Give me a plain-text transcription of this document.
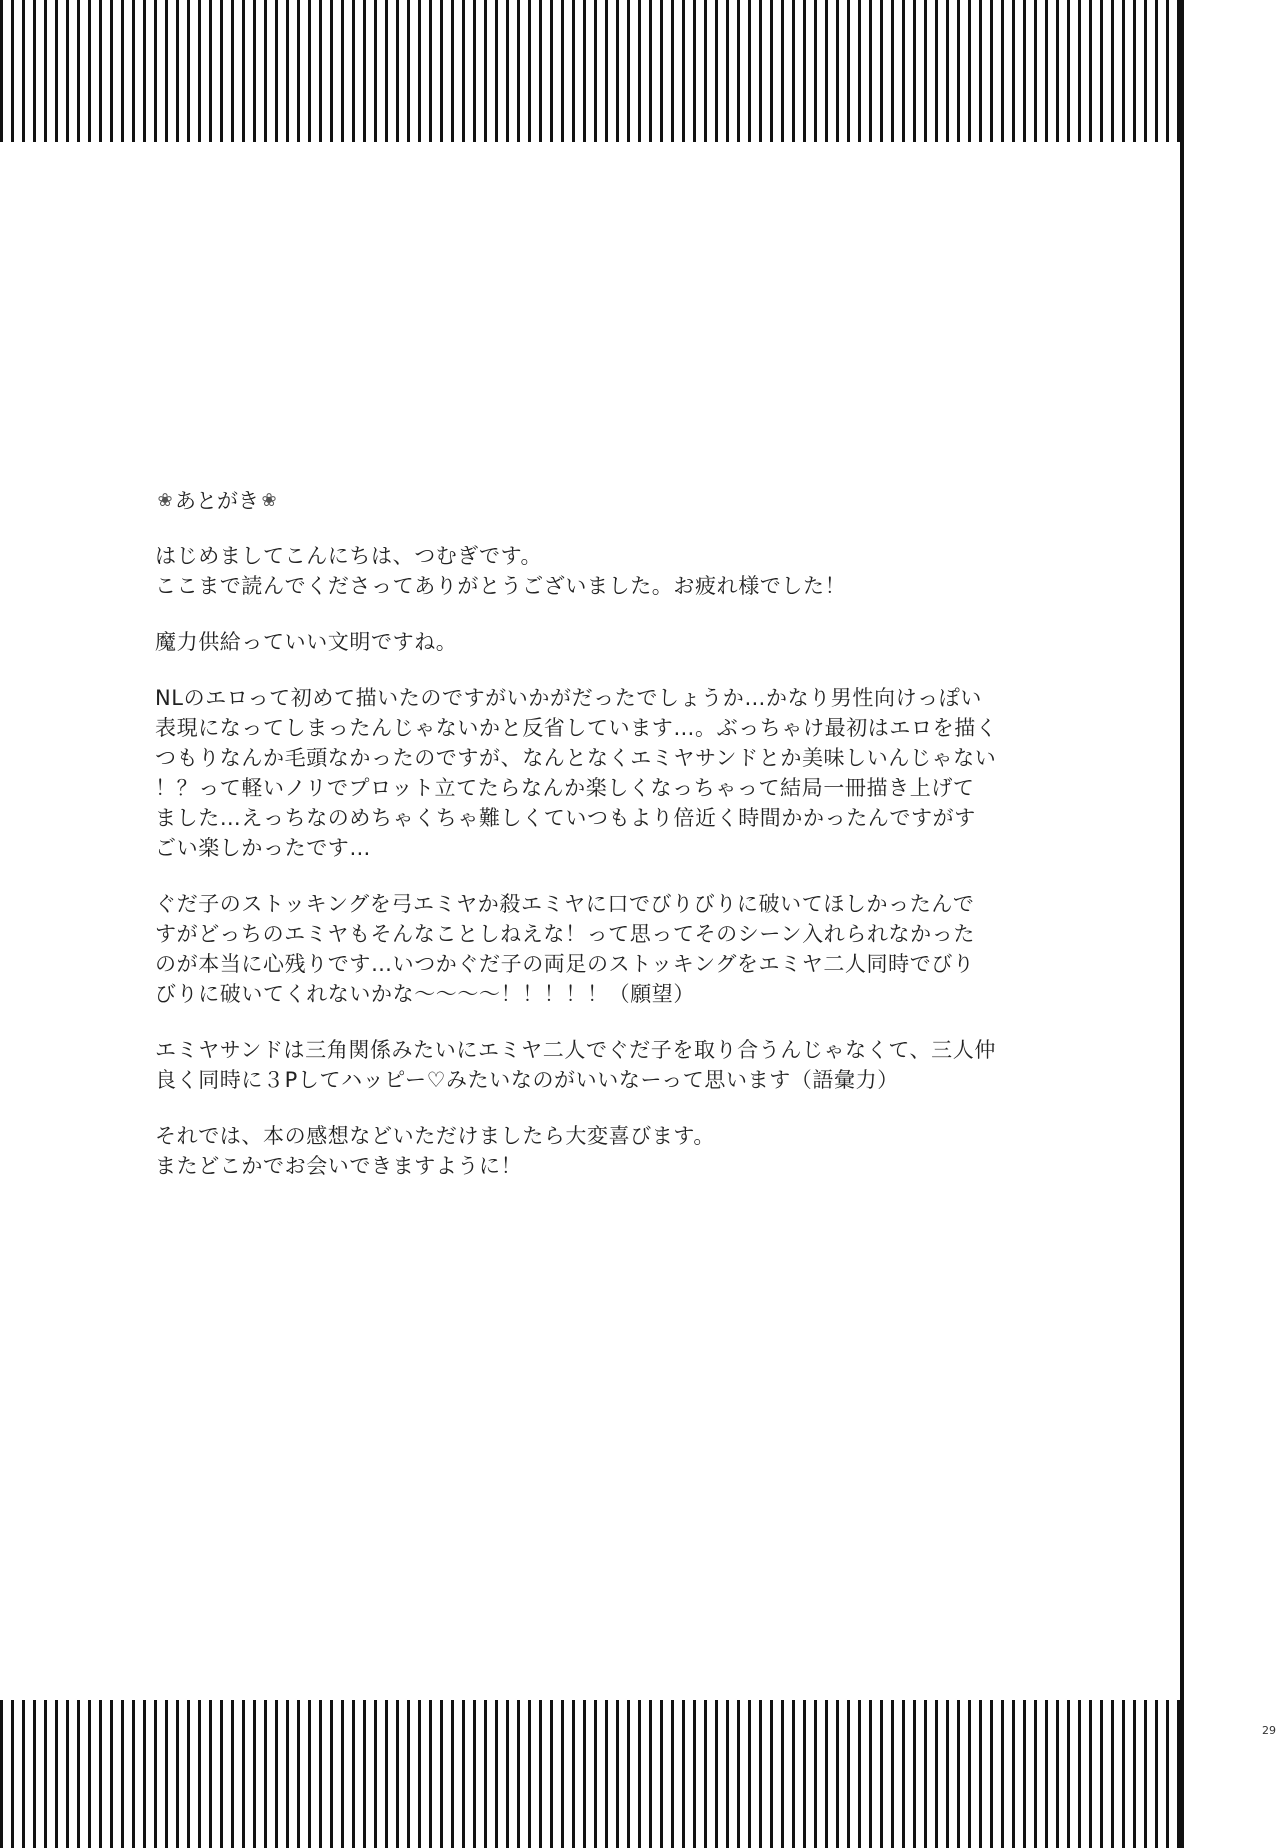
❀ あとがき ❀
はじめましてこんにちは、つむぎです。
ここまで読んでくださってありがとうございました。お疲れ様でした！
魔力供給っていい文明ですね。
NLのエロって初めて描いたのですがいかがだったでしょうか…かなり男性向けっぽい
表現になってしまったんじゃないかと反省しています…。ぶっちゃけ最初はエロを描く
つもりなんか毛頭なかったのですが、なんとなくエミヤサンドとか美味しいんじゃない
！？って軽いノリでプロット立てたらなんか楽しくなっちゃって結局一冊描き上げて
ました…えっちなのめちゃくちゃ難しくていつもより倍近く時間かかったんですがす
ごい楽しかったです…
ぐだ子のストッキングを弓エミヤか殺エミヤに口でびりびりに破いてほしかったんで
すがどっちのエミヤもそんなことしねえな！って思ってそのシーン入れられなかった
のが本当に心残りです…いつかぐだ子の両足のストッキングをエミヤ二人同時でびり
びりに破いてくれないかな〜〜〜〜！！！！！（願望）
エミヤサンドは三角関係みたいにエミヤ二人でぐだ子を取り合うんじゃなくて、三人仲
良く同時に３Pしてハッピー♡みたいなのがいいなーって思います（語彙力）
それでは、本の感想などいただけましたら大変喜びます。
またどこかでお会いできますように！
29
